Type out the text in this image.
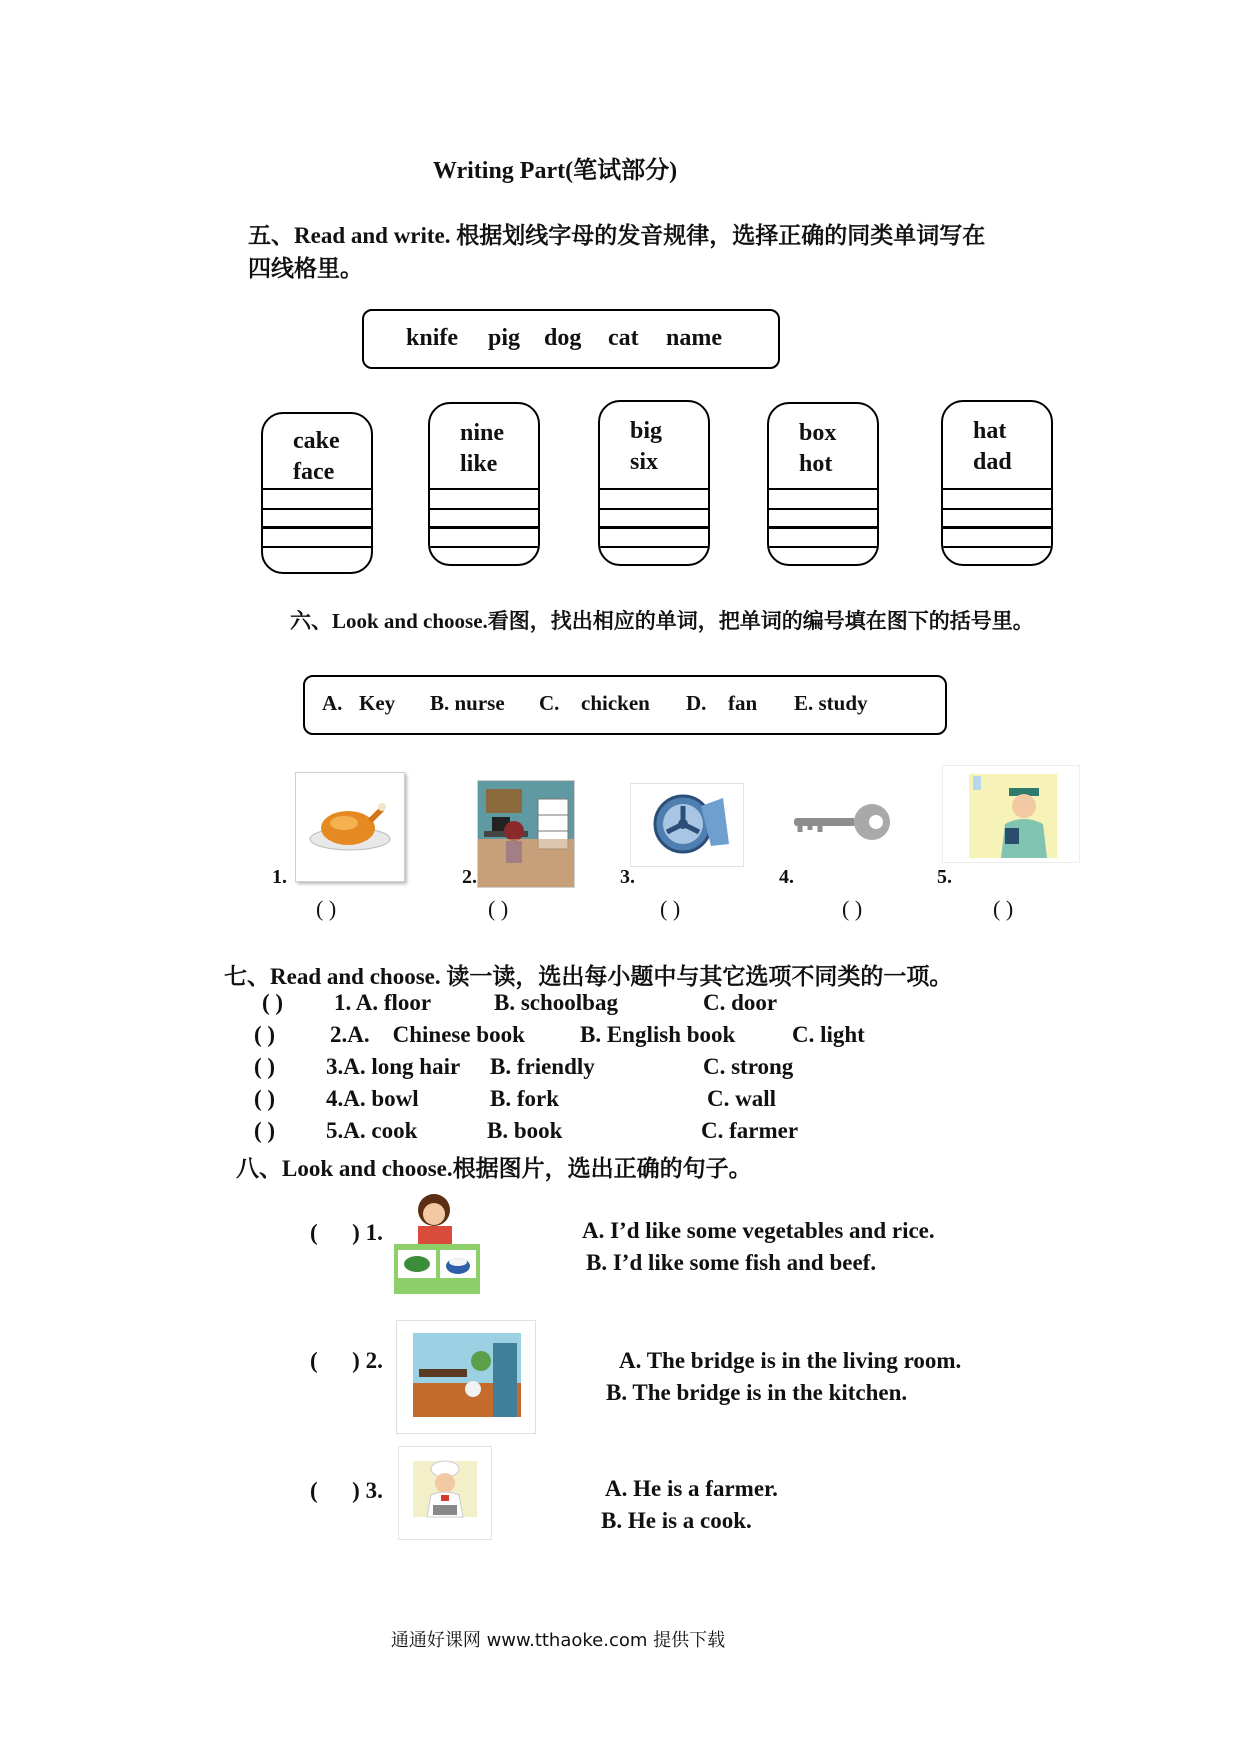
Writing Part(笔试部分)
五、Read and write. 根据划线字母的发音规律，选择正确的同类单词写在
四线格里。
knife pig dog cat name
cake
face
nine
like
big
six
box
hot
hat
dad
六、Look and choose.看图，找出相应的单词，把单词的编号填在图下的括号里。
A. Key B. nurse C. chicken D. fan E. study
1.	2.	3.	4.	5.
( )	( )	( )	( )	( )
七、Read and choose. 读一读，选出每小题中与其它选项不同类的一项。
( ) 1. A. floor	B. schoolbag	C. door
( ) 2.A.    Chinese book B. English book C. light
( ) 3.A. long hair B. friendly	C. strong
( ) 4.A. bowl	B. fork	C. wall
( ) 5.A. cook	B. book	C. farmer
八、Look and choose.根据图片，选出正确的句子。
(      ) 1.	A. I’d like some vegetables and rice.
B. I’d like some fish and beef.
(      ) 2.	A. The bridge is in the living room.
B. The bridge is in the kitchen.
(      ) 3.	A. He is a farmer.
B. He is a cook.
通通好课网 www.tthaoke.com 提供下载
